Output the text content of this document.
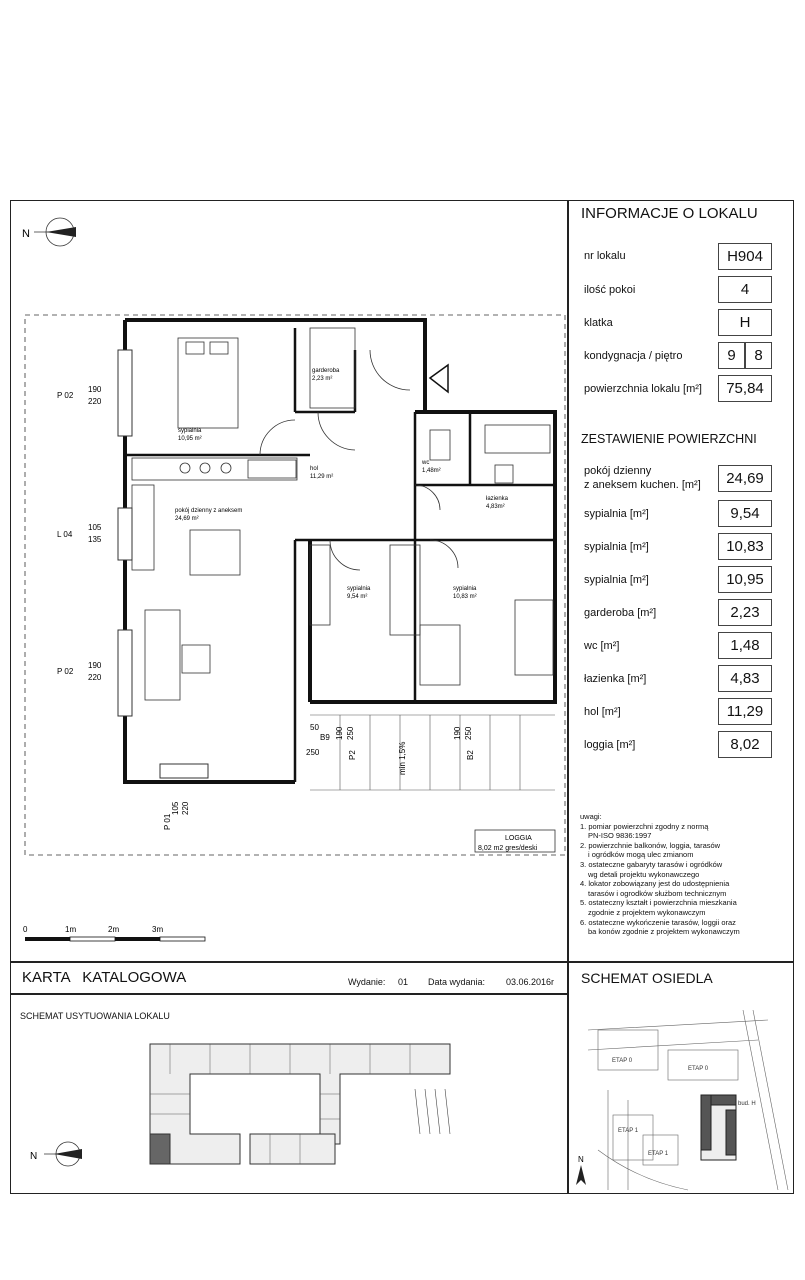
INFORMACJE O LOKALU
nr lokalu	H904
ilość pokoi	4
klatka	H
kondygnacja / piętro	9	8
powierzchnia lokalu [m²]	75,84
ZESTAWIENIE POWIERZCHNI
pokój dzienny
z aneksem kuchen. [m²]	24,69
sypialnia [m²]	9,54
sypialnia [m²]	10,83
sypialnia [m²]	10,95
garderoba [m²]	2,23
wc [m²]	1,48
łazienka [m²]	4,83
hol [m²]	11,29
loggia [m²]	8,02
uwagi:
1. pomiar powierzchni zgodny z normą
PN-ISO 9836:1997
2. powierzchnie balkonów, loggia, tarasów
i ogródków mogą ulec zmianom
3. ostateczne gabaryty tarasów i ogródków
wg detali projektu wykonawczego
4. lokator zobowiązany jest do udostępnienia
tarasów i ogrodków służbom technicznym
5. ostateczny kształt i powierzchnia mieszkania
zgodnie z projektem wykonawczym
6. ostateczne wykończenie tarasów, loggii oraz
ba konów zgodnie z projektem wykonawczym
N
sypialnia
10,95 m²
garderoba
2,23 m²
wc
1,48m²
łazienka
4,83m²
hol
11,29 m²
pokój dzienny z aneksem
24,69 m²
sypialnia
9,54 m²
sypialnia
10,83 m²
P 02
190
220
L 04
105
135
P 02
190
220
P 01
105 220
B9
50
250	P2
190 250
B2
190 250
min 1,5%
LOGGIA
8,02 m2 gres/deski
0	1m	2m	3m
KARTA   KATALOGOWA	Wydanie: 01 Data wydania: 03.06.2016r
SCHEMAT USYTUOWANIA LOKALU
N
SCHEMAT OSIEDLA
ETAP 0
ETAP 0
ETAP 1
ETAP 1
bud. H
N
